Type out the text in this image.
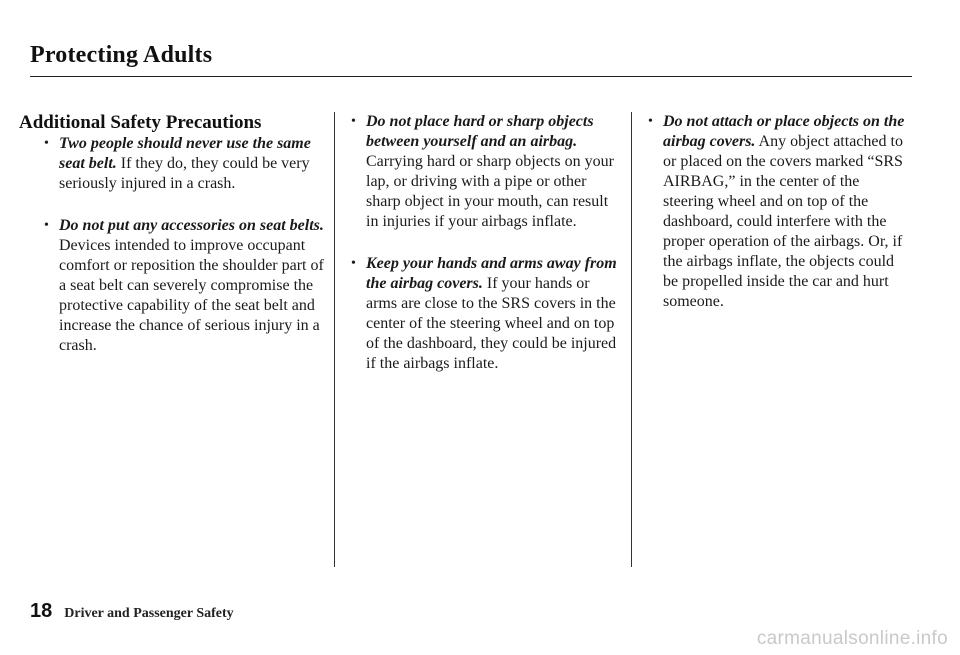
Protecting Adults
Additional Safety Precautions
• Two people should never use the same seat belt. If they do, they could be very seriously injured in a crash.
• Do not put any accessories on seat belts. Devices intended to improve occupant comfort or reposition the shoulder part of a seat belt can severely compromise the protective capability of the seat belt and increase the chance of serious injury in a crash.
• Do not place hard or sharp objects between yourself and an airbag. Carrying hard or sharp objects on your lap, or driving with a pipe or other sharp object in your mouth, can result in injuries if your airbags inflate.
• Keep your hands and arms away from the airbag covers. If your hands or arms are close to the SRS covers in the center of the steering wheel and on top of the dashboard, they could be injured if the airbags inflate.
• Do not attach or place objects on the airbag covers. Any object attached to or placed on the covers marked “SRS AIRBAG,” in the center of the steering wheel and on top of the dashboard, could interfere with the proper operation of the airbags. Or, if the airbags inflate, the objects could be propelled inside the car and hurt someone.
18 Driver and Passenger Safety
carmanualsonline.info
